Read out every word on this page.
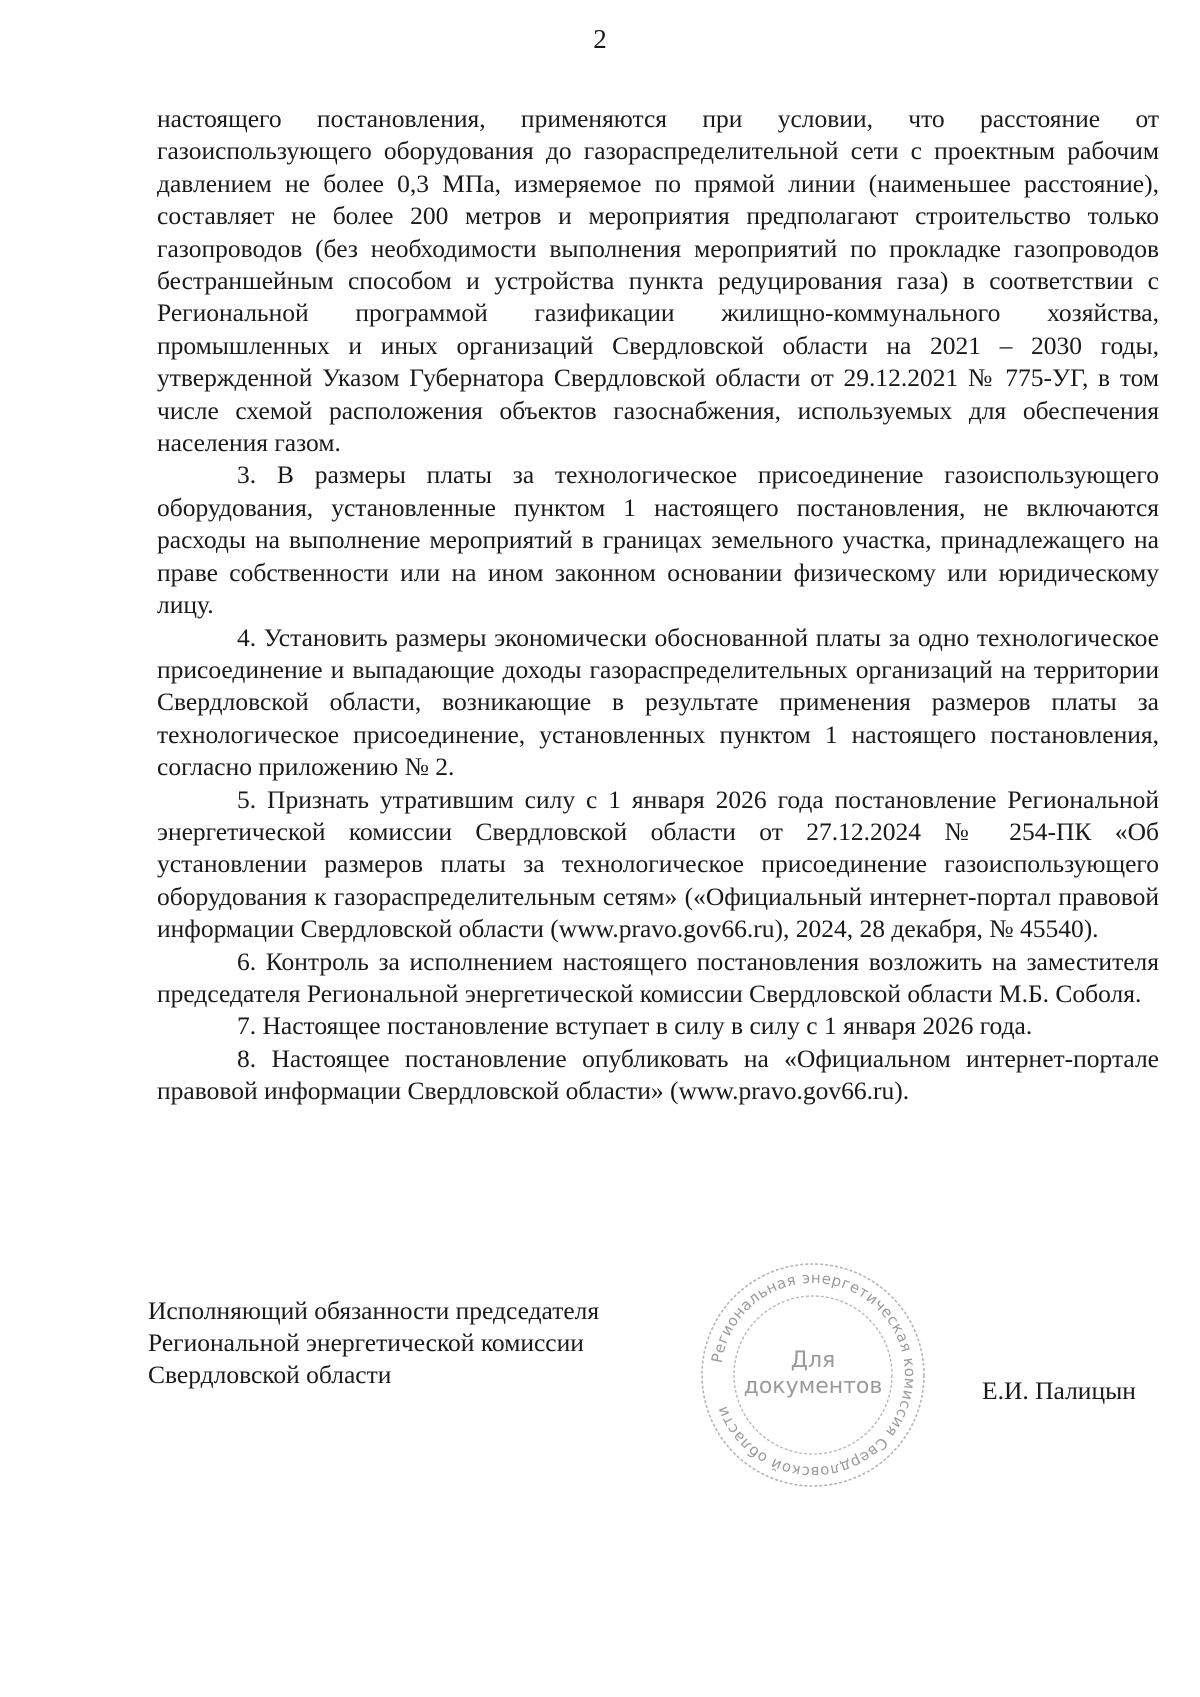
2

настоящего постановления, применяются при условии, что расстояние от газоиспользующего оборудования до газораспределительной сети с проектным рабочим давлением не более 0,3 МПа, измеряемое по прямой линии (наименьшее расстояние), составляет не более 200 метров и мероприятия предполагают строительство только газопроводов (без необходимости выполнения мероприятий по прокладке газопроводов бестраншейным способом и устройства пункта редуцирования газа) в соответствии с Региональной программой газификации жилищно-коммунального хозяйства, промышленных и иных организаций Свердловской области на 2021 – 2030 годы, утвержденной Указом Губернатора Свердловской области от 29.12.2021 № 775-УГ, в том числе схемой расположения объектов газоснабжения, используемых для обеспечения населения газом.

3. В размеры платы за технологическое присоединение газоиспользующего оборудования, установленные пунктом 1 настоящего постановления, не включаются расходы на выполнение мероприятий в границах земельного участка, принадлежащего на праве собственности или на ином законном основании физическому или юридическому лицу.

4. Установить размеры экономически обоснованной платы за одно технологическое присоединение и выпадающие доходы газораспределительных организаций на территории Свердловской области, возникающие в результате применения размеров платы за технологическое присоединение, установленных пунктом 1 настоящего постановления, согласно приложению № 2.

5. Признать утратившим силу с 1 января 2026 года постановление Региональной энергетической комиссии Свердловской области от 27.12.2024 № 254-ПК «Об установлении размеров платы за технологическое присоединение газоиспользующего оборудования к газораспределительным сетям» («Официальный интернет-портал правовой информации Свердловской области (www.pravo.gov66.ru), 2024, 28 декабря, № 45540).

6. Контроль за исполнением настоящего постановления возложить на заместителя председателя Региональной энергетической комиссии Свердловской области М.Б. Соболя.

7. Настоящее постановление вступает в силу в силу с 1 января 2026 года.

8. Настоящее постановление опубликовать на «Официальном интернет-портале правовой информации Свердловской области» (www.pravo.gov66.ru).

Исполняющий обязанности председателя
Региональной энергетической комиссии
Свердловской области
Региональная энергетическая комиссия Свердловской области
Для
документов	Е.И. Палицын
